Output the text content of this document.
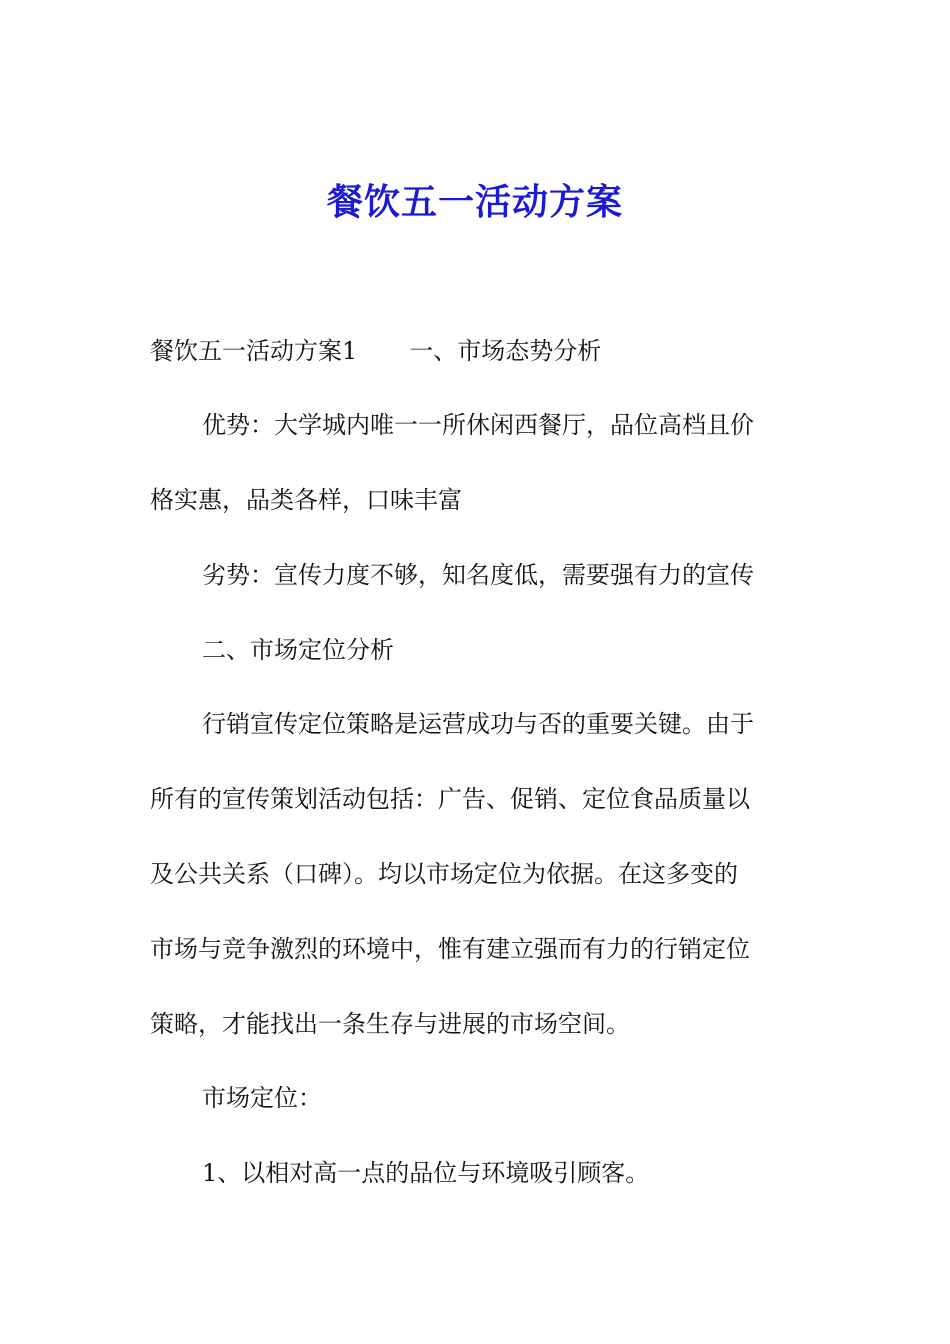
餐饮五一活动方案
餐饮五一活动方案1 一、市场态势分析
优势：大学城内唯一一所休闲西餐厅，品位高档且价
格实惠，品类各样，口味丰富
劣势：宣传力度不够，知名度低，需要强有力的宣传
二、市场定位分析
行销宣传定位策略是运营成功与否的重要关键。由于
所有的宣传策划活动包括：广告、促销、定位食品质量以
及公共关系（口碑）。均以市场定位为依据。在这多变的
市场与竞争激烈的环境中，惟有建立强而有力的行销定位
策略，才能找出一条生存与进展的市场空间。
市场定位：
1、以相对高一点的品位与环境吸引顾客。
